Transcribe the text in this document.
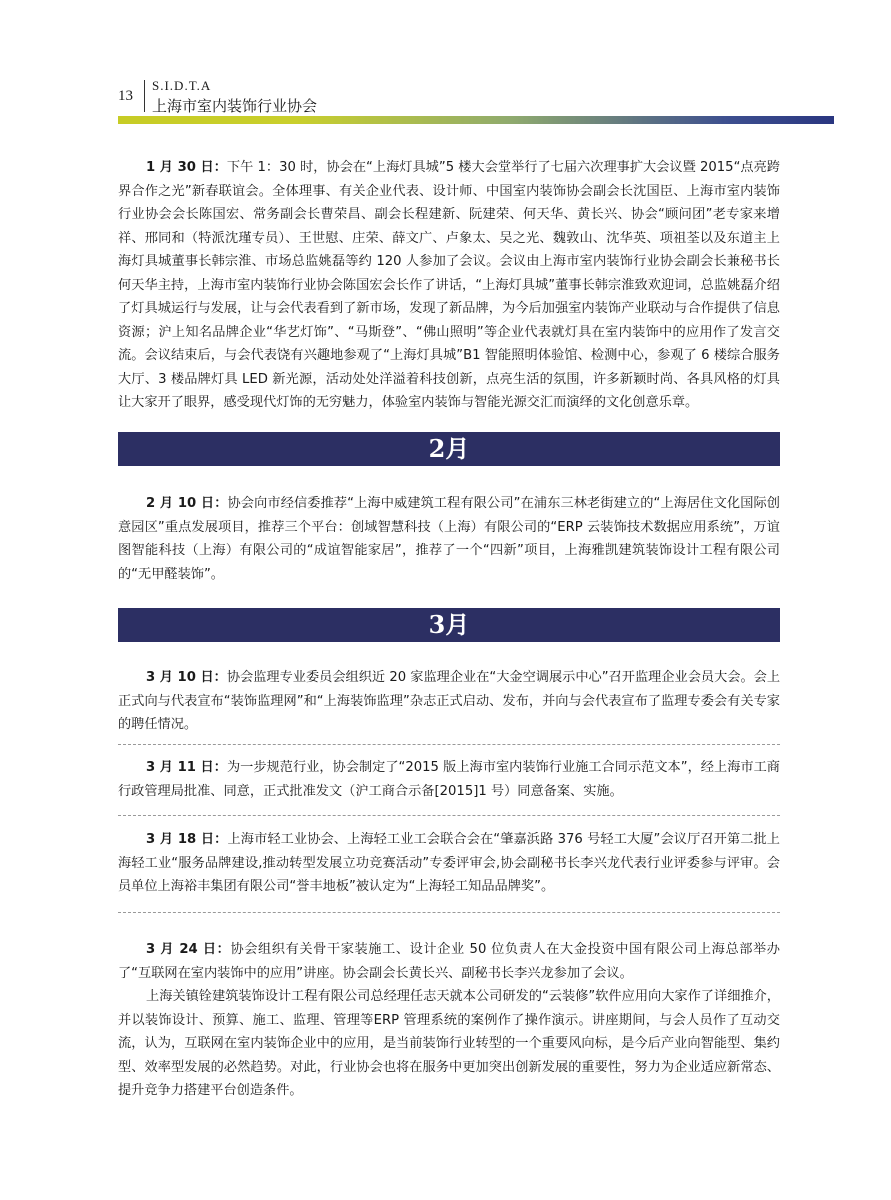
13
S.I.D.T.A
上海市室内装饰行业协会
1 月 30 日：下午 1：30 时，协会在“上海灯具城”5 楼大会堂举行了七届六次理事扩大会议暨 2015“点亮跨界合作之光”新春联谊会。全体理事、有关企业代表、设计师、中国室内装饰协会副会长沈国臣、上海市室内装饰行业协会会长陈国宏、常务副会长曹荣昌、副会长程建新、阮建荣、何天华、黄长兴、协会“顾问团”老专家来增祥、邢同和（特派沈瑾专员）、王世慰、庄荣、薛文广、卢象太、吴之光、魏敦山、沈华英、项祖荃以及东道主上海灯具城董事长韩宗淮、市场总监姚磊等约 120 人参加了会议。会议由上海市室内装饰行业协会副会长兼秘书长何天华主持，上海市室内装饰行业协会陈国宏会长作了讲话，“上海灯具城”董事长韩宗淮致欢迎词，总监姚磊介绍了灯具城运行与发展，让与会代表看到了新市场，发现了新品牌，为今后加强室内装饰产业联动与合作提供了信息资源；沪上知名品牌企业“华艺灯饰”、“马斯登”、“佛山照明”等企业代表就灯具在室内装饰中的应用作了发言交流。会议结束后，与会代表饶有兴趣地参观了“上海灯具城”B1 智能照明体验馆、检测中心，参观了 6 楼综合服务大厅、3 楼品牌灯具 LED 新光源，活动处处洋溢着科技创新，点亮生活的氛围，许多新颖时尚、各具风格的灯具让大家开了眼界，感受现代灯饰的无穷魅力，体验室内装饰与智能光源交汇而演绎的文化创意乐章。
2月
2 月 10 日：协会向市经信委推荐“上海中威建筑工程有限公司”在浦东三林老街建立的“上海居住文化国际创意园区”重点发展项目，推荐三个平台：创域智慧科技（上海）有限公司的“ERP 云装饰技术数据应用系统”，万谊图智能科技（上海）有限公司的“成谊智能家居”，推荐了一个“四新”项目，上海雅凯建筑装饰设计工程有限公司的“无甲醛装饰”。
3月
3 月 10 日：协会监理专业委员会组织近 20 家监理企业在“大金空调展示中心”召开监理企业会员大会。会上正式向与代表宣布“装饰监理网”和“上海装饰监理”杂志正式启动、发布，并向与会代表宣布了监理专委会有关专家的聘任情况。
3 月 11 日：为一步规范行业，协会制定了“2015 版上海市室内装饰行业施工合同示范文本”，经上海市工商行政管理局批准、同意，正式批准发文（沪工商合示备[2015]1 号）同意备案、实施。
3 月 18 日：上海市轻工业协会、上海轻工业工会联合会在“肇嘉浜路 376 号轻工大厦”会议厅召开第二批上海轻工业“服务品牌建设,推动转型发展立功竞赛活动”专委评审会,协会副秘书长李兴龙代表行业评委参与评审。会员单位上海裕丰集团有限公司“誉丰地板”被认定为“上海轻工知品品牌奖”。
3 月 24 日：协会组织有关骨干家装施工、设计企业 50 位负责人在大金投资中国有限公司上海总部举办了“互联网在室内装饰中的应用”讲座。协会副会长黄长兴、副秘书长李兴龙参加了会议。
上海关镇铨建筑装饰设计工程有限公司总经理任志天就本公司研发的“云装修”软件应用向大家作了详细推介，并以装饰设计、预算、施工、监理、管理等ERP 管理系统的案例作了操作演示。讲座期间，与会人员作了互动交流，认为，互联网在室内装饰企业中的应用，是当前装饰行业转型的一个重要风向标，是今后产业向智能型、集约型、效率型发展的必然趋势。对此，行业协会也将在服务中更加突出创新发展的重要性，努力为企业适应新常态、提升竞争力搭建平台创造条件。
